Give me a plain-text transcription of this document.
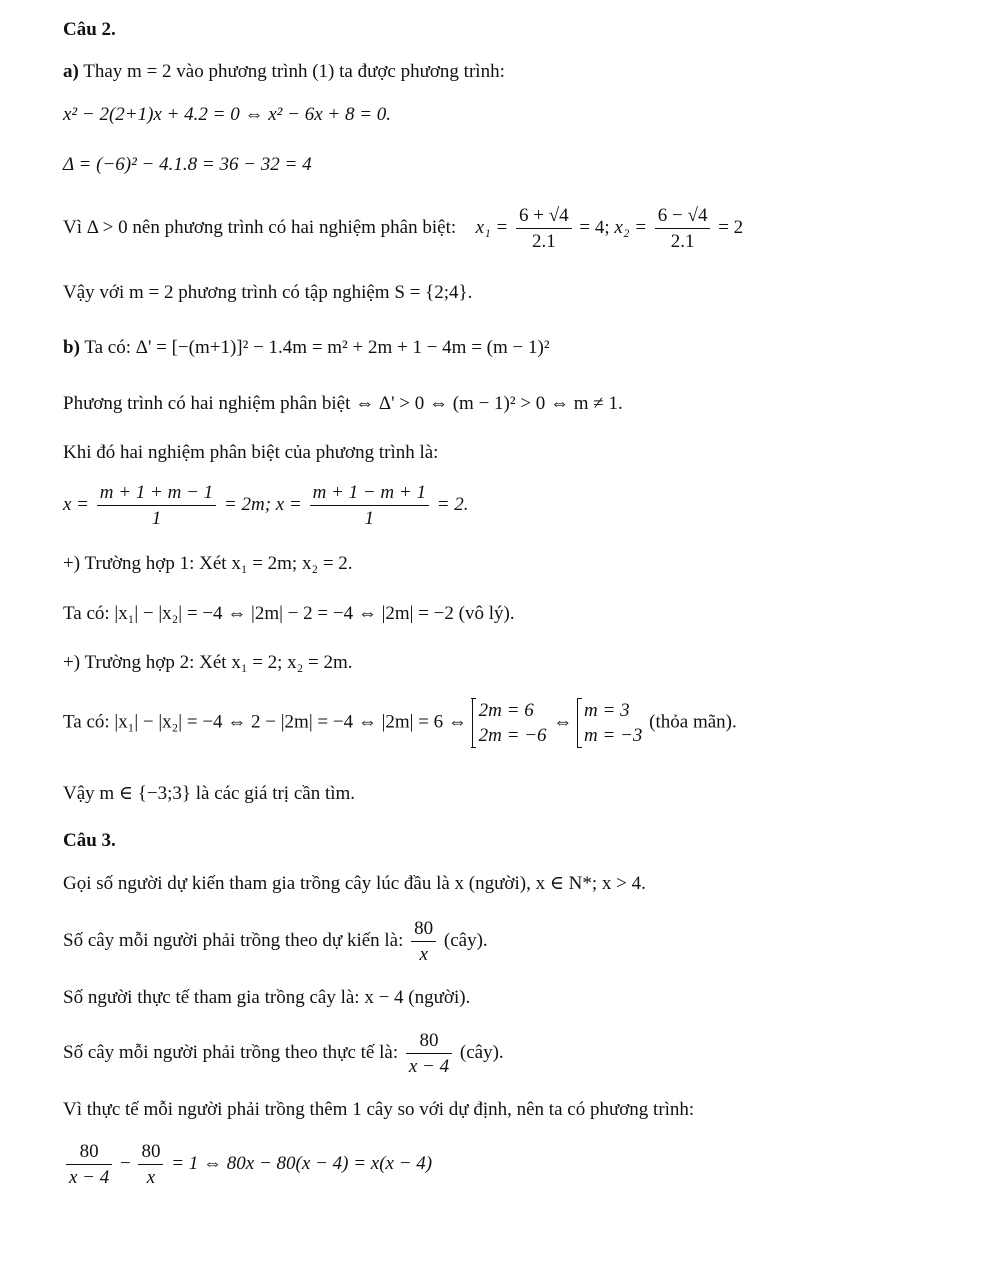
Câu 2.
a) Thay m = 2 vào phương trình (1) ta được phương trình:
x² − 2(2+1)x + 4.2 = 0 ⇔ x² − 6x + 8 = 0.
Δ = (−6)² − 4.1.8 = 36 − 32 = 4
Vì Δ > 0 nên phương trình có hai nghiệm phân biệt: $x_1 = \frac{6 + √4}{2.1} = 4$; $x_2 = \frac{6 - √4}{2.1} = 2$
Vậy với m = 2 phương trình có tập nghiệm S = {2;4}.
b) Ta có: Δ' = [−(m+1)]² − 1.4m = m² + 2m + 1 − 4m = (m − 1)²
Phương trình có hai nghiệm phân biệt ⇔ Δ' > 0 ⇔ (m − 1)² > 0 ⇔ m ≠ 1.
Khi đó hai nghiệm phân biệt của phương trình là:
$x = \frac{m + 1 + m - 1}{1} = 2m$; $x = \frac{m + 1 - m + 1}{1} = 2$.
+) Trường hợp 1: Xét x₁ = 2m; x₂ = 2.
Ta có: |x₁| − |x₂| = −4 ⇔ |2m| − 2 = −4 ⇔ |2m| = −2 (vô lý).
+) Trường hợp 2: Xét x₁ = 2; x₂ = 2m.
Ta có: |x₁| − |x₂| = −4 ⇔ 2 − |2m| = −4 ⇔ |2m| = 6 ⇔
2m = 6
2m = −6
⇔
m = 3
m = −3
(thỏa mãn).
Vậy m ∈ {−3;3} là các giá trị cần tìm.
Câu 3.
Gọi số người dự kiến tham gia trồng cây lúc đầu là x (người), x ∈ N*; x > 4.
Số cây mỗi người phải trồng theo dự kiến là: $\frac{80}{x}$ (cây).
Số người thực tế tham gia trồng cây là: x − 4 (người).
Số cây mỗi người phải trồng theo thực tế là: $\frac{80}{x - 4}$ (cây).
Vì thực tế mỗi người phải trồng thêm 1 cây so với dự định, nên ta có phương trình:
$\frac{80}{x - 4} - \frac{80}{x} = 1$ ⇔ 80x − 80(x − 4) = x(x − 4)
